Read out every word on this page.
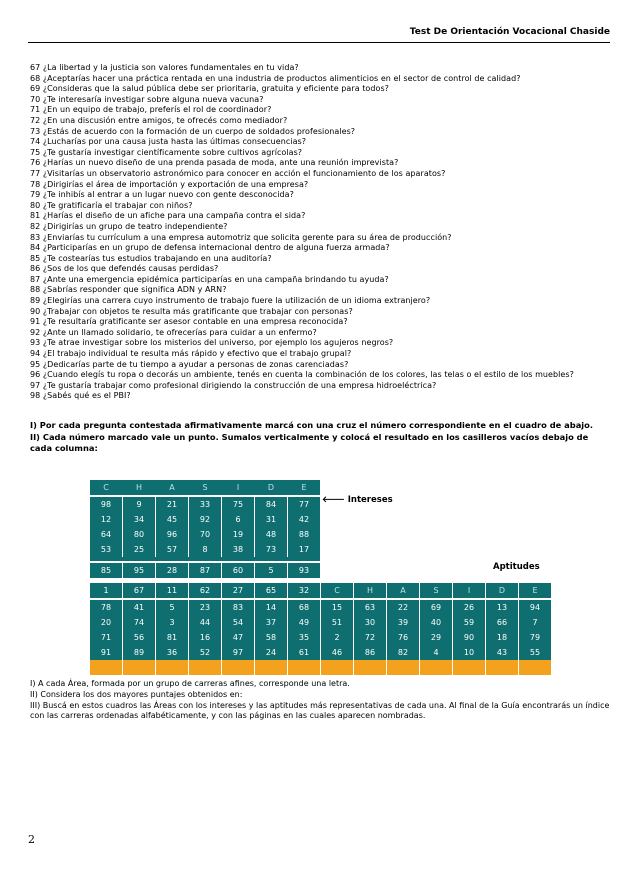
Test De Orientación Vocacional Chaside
67 ¿La libertad y la justicia son valores fundamentales en tu vida?
68 ¿Aceptarías hacer una práctica rentada en una industria de productos alimenticios en el sector de control de calidad?
69 ¿Consideras que la salud pública debe ser prioritaria, gratuita y eficiente para todos?
70 ¿Te interesaría investigar sobre alguna nueva vacuna?
71 ¿En un equipo de trabajo, preferís el rol de coordinador?
72 ¿En una discusión entre amigos, te ofrecés como mediador?
73 ¿Estás de acuerdo con la formación de un cuerpo de soldados profesionales?
74 ¿Lucharías por una causa justa hasta las últimas consecuencias?
75 ¿Te gustaría investigar científicamente sobre cultivos agrícolas?
76 ¿Harías un nuevo diseño de una prenda pasada de moda, ante una reunión imprevista?
77 ¿Visitarías un observatorio astronómico para conocer en acción el funcionamiento de los aparatos?
78 ¿Dirigirías el área de importación y exportación de una empresa?
79 ¿Te inhibís al entrar a un lugar nuevo con gente desconocida?
80 ¿Te gratificaría el trabajar con niños?
81 ¿Harías el diseño de un afiche para una campaña contra el sida?
82 ¿Dirigirías un grupo de teatro independiente?
83 ¿Enviarías tu currículum a una empresa automotriz que solicita gerente para su área de producción?
84 ¿Participarías en un grupo de defensa internacional dentro de alguna fuerza armada?
85 ¿Te costearías tus estudios trabajando en una auditoría?
86 ¿Sos de los que defendés causas perdidas?
87 ¿Ante una emergencia epidémica participarías en una campaña brindando tu ayuda?
88 ¿Sabrías responder que significa ADN y ARN?
89 ¿Elegirías una carrera cuyo instrumento de trabajo fuere la utilización de un idioma extranjero?
90 ¿Trabajar con objetos te resulta más gratificante que trabajar con personas?
91 ¿Te resultaría gratificante ser asesor contable en una empresa reconocida?
92 ¿Ante un llamado solidario, te ofrecerías para cuidar a un enfermo?
93 ¿Te atrae investigar sobre los misterios del universo, por ejemplo los agujeros negros?
94 ¿El trabajo individual te resulta más rápido y efectivo que el trabajo grupal?
95 ¿Dedicarías parte de tu tiempo a ayudar a personas de zonas carenciadas?
96 ¿Cuando elegís tu ropa o decorás un ambiente, tenés en cuenta la combinación de los colores, las telas o el estilo de los muebles?
97 ¿Te gustaría trabajar como profesional dirigiendo la construcción de una empresa hidroeléctrica?
98 ¿Sabés qué es el PBI?

I) Por cada pregunta contestada afirmativamente marcá con una cruz el número correspondiente en el cuadro de abajo.

II) Cada número marcado vale un punto. Sumalos verticalmente y colocá el resultado en los casilleros vacíos debajo de cada columna:

C	H	A	S	I	D	E
98	9	21	33	75	84	77
12	34	45	92	6	31	42
64	80	96	70	19	48	88
53	25	57	8	38	73	17
85	95	28	87	60	5	93
1	67	11	62	27	65	32	C	H	A	S	I	D	E
78	41	5	23	83	14	68	15	63	22	69	26	13	94
20	74	3	44	54	37	49	51	30	39	40	59	66	7
71	56	81	16	47	58	35	2	72	76	29	90	18	79
91	89	36	52	97	24	61	46	86	82	4	10	43	55
🡐 Intereses
Aptitudes

I) A cada Área, formada por un grupo de carreras afines, corresponde una letra.

II) Considera los dos mayores puntajes obtenidos en:

III) Buscá en estos cuadros las Áreas con los intereses y las aptitudes más representativas de cada una. Al final de la Guía encontrarás un índice con las carreras ordenadas alfabéticamente, y con las páginas en las cuales aparecen nombradas.

2
